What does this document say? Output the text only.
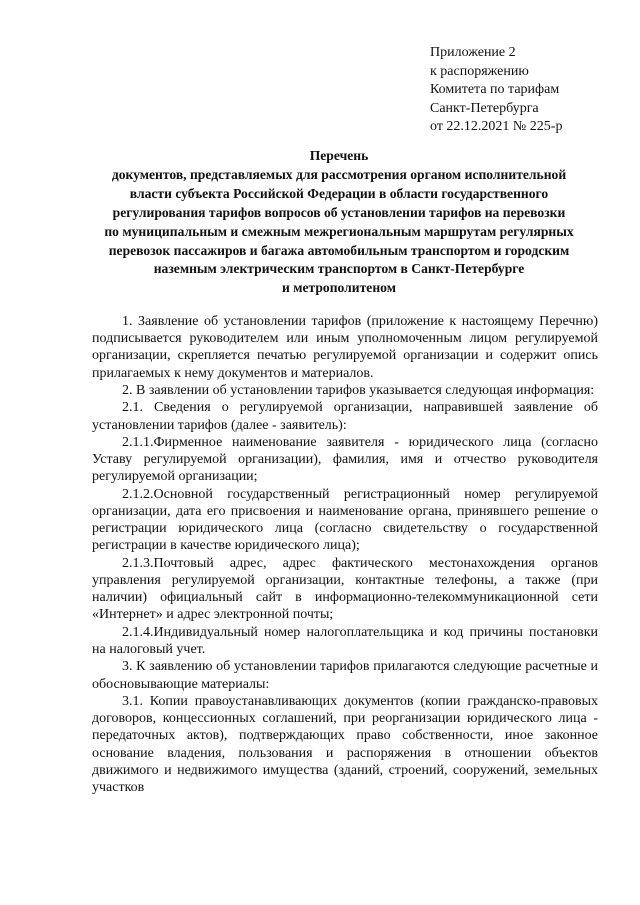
Приложение 2
к распоряжению
Комитета по тарифам
Санкт-Петербурга
от 22.12.2021 № 225-р
Перечень
документов, представляемых для рассмотрения органом исполнительной
власти субъекта Российской Федерации в области государственного
регулирования тарифов вопросов об установлении тарифов на перевозки
по муниципальным и смежным межрегиональным маршрутам регулярных
перевозок пассажиров и багажа автомобильным транспортом и городским
наземным электрическим транспортом в Санкт-Петербурге
и метрополитеном

1. Заявление об установлении тарифов (приложение к настоящему Перечню) подписывается руководителем или иным уполномоченным лицом регулируемой организации, скрепляется печатью регулируемой организации и содержит опись прилагаемых к нему документов и материалов.

2. В заявлении об установлении тарифов указывается следующая информация:

2.1. Сведения о регулируемой организации, направившей заявление об установлении тарифов (далее - заявитель):

2.1.1.Фирменное наименование заявителя - юридического лица (согласно Уставу регулируемой организации), фамилия, имя и отчество руководителя регулируемой организации;

2.1.2.Основной государственный регистрационный номер регулируемой организации, дата его присвоения и наименование органа, принявшего решение о регистрации юридического лица (согласно свидетельству о государственной регистрации в качестве юридического лица);

2.1.3.Почтовый адрес, адрес фактического местонахождения органов управления регулируемой организации, контактные телефоны, а также (при наличии) официальный сайт в информационно-телекоммуникационной сети «Интернет» и адрес электронной почты;

2.1.4.Индивидуальный номер налогоплательщика и код причины постановки на налоговый учет.

3. К заявлению об установлении тарифов прилагаются следующие расчетные и обосновывающие материалы:

3.1. Копии правоустанавливающих документов (копии гражданско-правовых договоров, концессионных соглашений, при реорганизации юридического лица - передаточных актов), подтверждающих право собственности, иное законное основание владения, пользования и распоряжения в отношении объектов движимого и недвижимого имущества (зданий, строений, сооружений, земельных участков
